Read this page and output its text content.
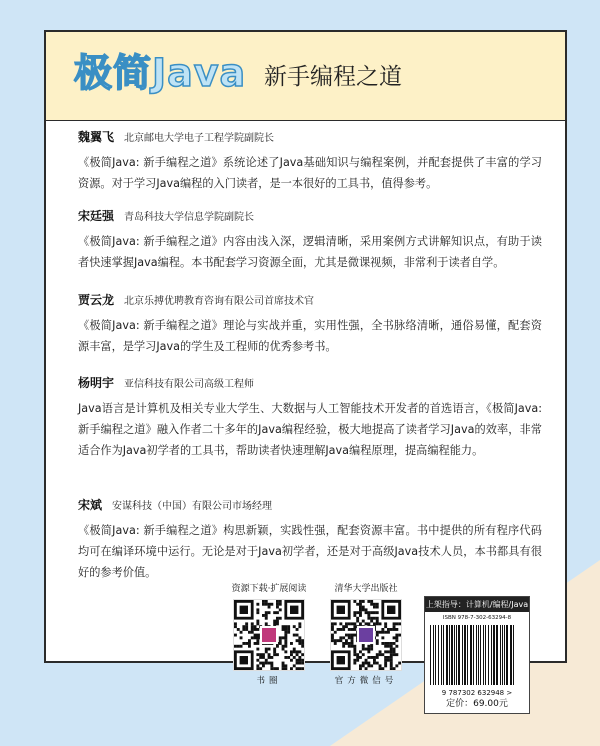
极简Java 新手编程之道
魏翼飞 北京邮电大学电子工程学院副院长
《极简Java: 新手编程之道》系统论述了Java基础知识与编程案例，并配套提供了丰富的学习资源。对于学习Java编程的入门读者，是一本很好的工具书，值得参考。
宋廷强 青岛科技大学信息学院副院长
《极简Java: 新手编程之道》内容由浅入深，逻辑清晰，采用案例方式讲解知识点，有助于读者快速掌握Java编程。本书配套学习资源全面，尤其是微课视频，非常利于读者自学。
贾云龙 北京乐搏优聘教育咨询有限公司首席技术官
《极简Java: 新手编程之道》理论与实战并重，实用性强，全书脉络清晰，通俗易懂，配套资源丰富，是学习Java的学生及工程师的优秀参考书。
杨明宇 亚信科技有限公司高级工程师
Java语言是计算机及相关专业大学生、大数据与人工智能技术开发者的首选语言，《极简Java: 新手编程之道》融入作者二十多年的Java编程经验，极大地提高了读者学习Java的效率，非常适合作为Java初学者的工具书，帮助读者快速理解Java编程原理，提高编程能力。
宋斌 安谋科技（中国）有限公司市场经理
《极简Java: 新手编程之道》构思新颖，实践性强，配套资源丰富。书中提供的所有程序代码均可在编译环境中运行。无论是对于Java初学者，还是对于高级Java技术人员，本书都具有很好的参考价值。
资源下载·扩展阅读
书圈
清华大学出版社
官方微信号
上架指导：计算机/编程/Java
ISBN 978-7-302-63294-8
9 787302 632948 >
定价：69.00元
